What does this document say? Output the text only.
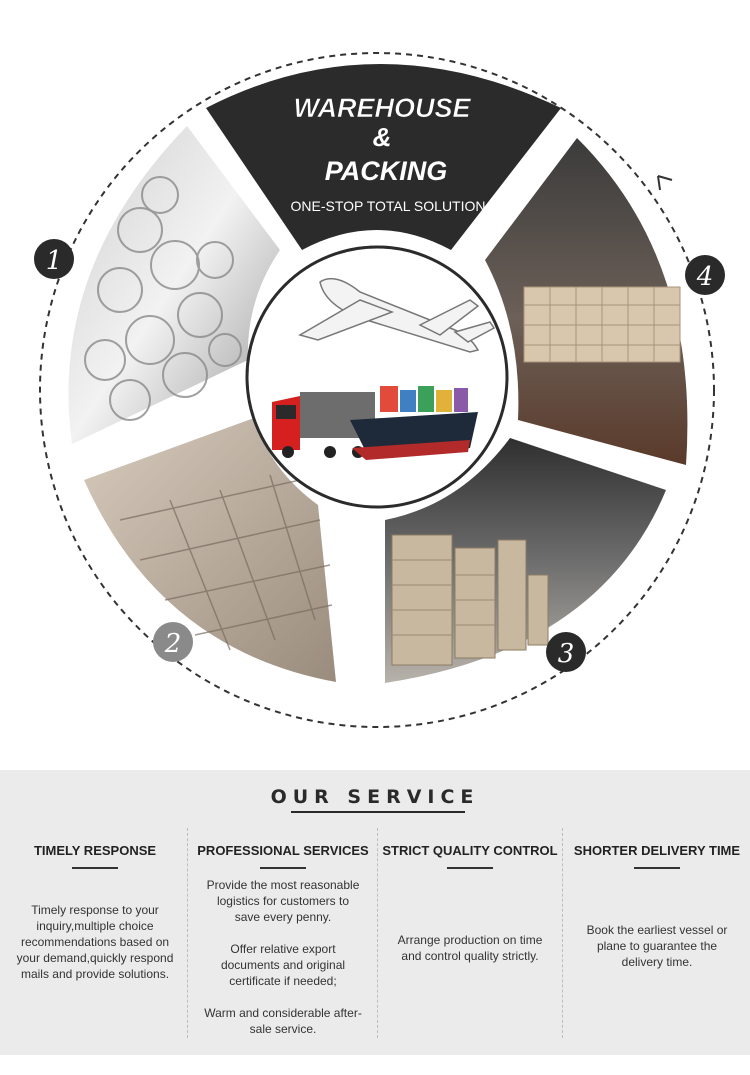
WAREHOUSE
&
PACKING
ONE-STOP TOTAL SOLUTION
1
2	3
4
OUR SERVICE
TIMELY RESPONSE

Timely response to your inquiry,multiple choice recommendations based on your demand,quickly respond mails and provide solutions.

PROFESSIONAL SERVICES

Provide the most reasonable logistics for customers to save every penny.

Offer relative export documents and original certificate if needed;

Warm and considerable after-sale service.

STRICT QUALITY CONTROL

Arrange production on time and control quality strictly.

SHORTER DELIVERY TIME

Book the earliest vessel or plane to guarantee the delivery time.
